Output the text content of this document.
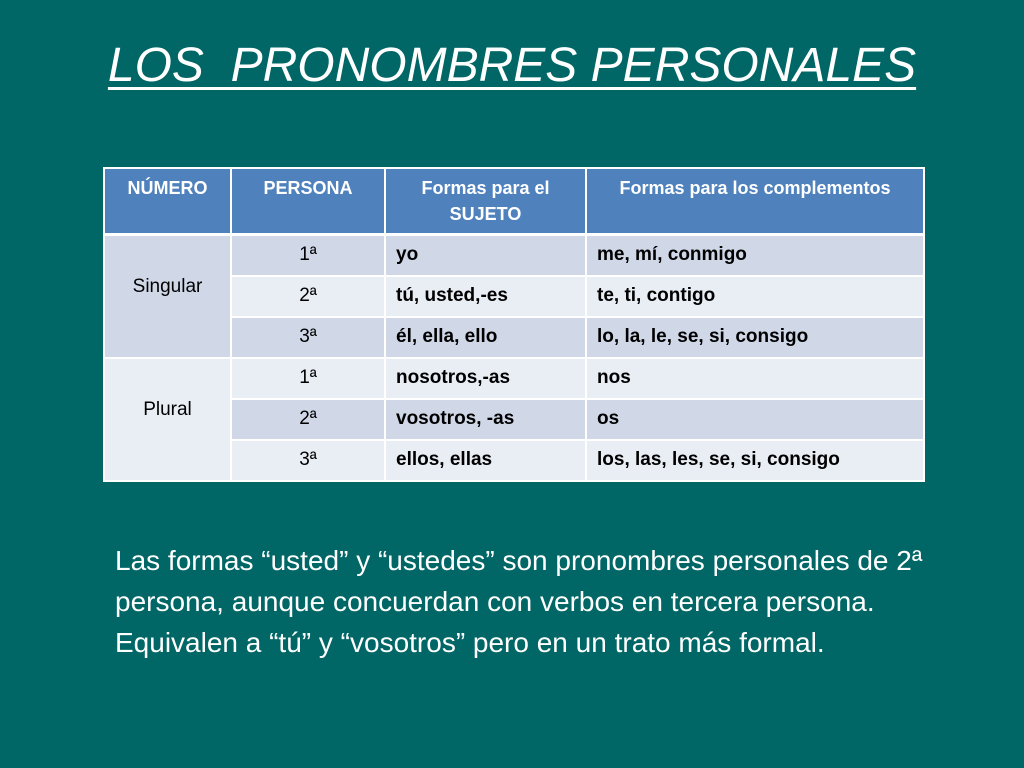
LOS  PRONOMBRES PERSONALES
NÚMERO	PERSONA	Formas para el SUJETO	Formas para los complementos
Singular	1ª	yo	me, mí, conmigo
	2ª	tú, usted,-es	te, ti, contigo
	3ª	él, ella, ello	lo, la, le, se, si, consigo
Plural	1ª	nosotros,-as	nos
	2ª	vosotros, -as	os
	3ª	ellos, ellas	los, las, les, se, si, consigo

Las formas “usted” y “ustedes” son pronombres personales de 2ª persona, aunque concuerdan con verbos en tercera persona. Equivalen a “tú” y “vosotros” pero en un trato más formal.
